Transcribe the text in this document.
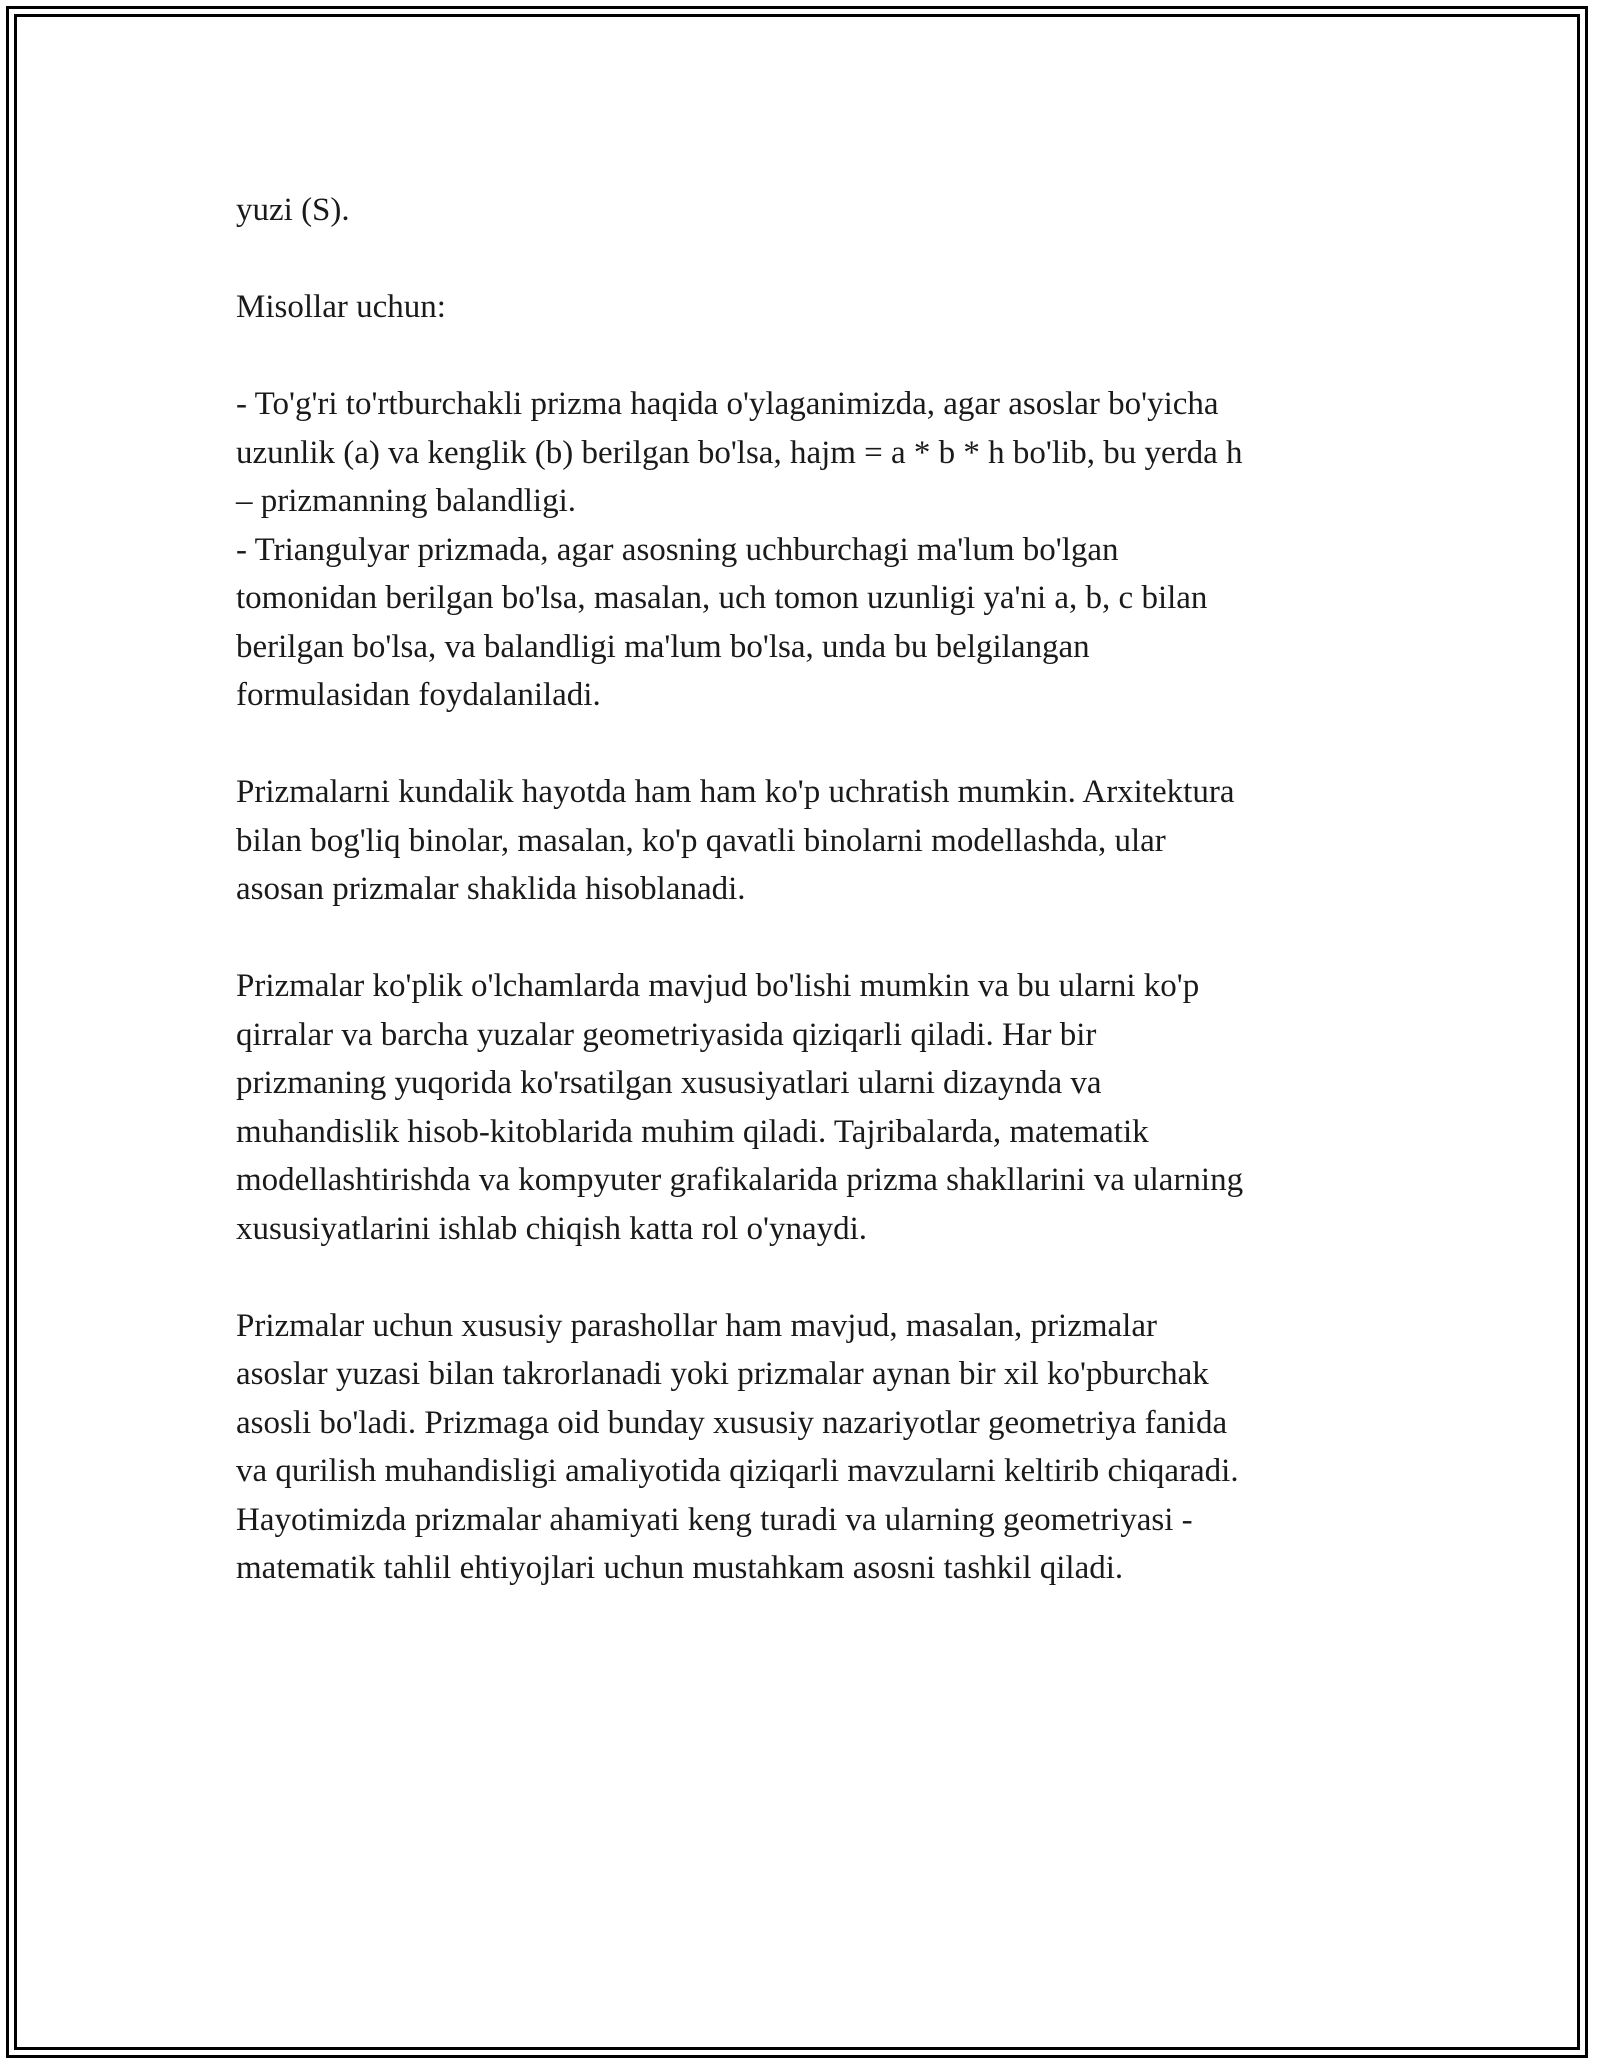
yuzi (S).

Misollar uchun:

- To'g'ri to'rtburchakli prizma haqida o'ylaganimizda, agar asoslar bo'yicha
uzunlik (a) va kenglik (b) berilgan bo'lsa, hajm = a * b * h bo'lib, bu yerda h
– prizmanning balandligi.
- Triangulyar prizmada, agar asosning uchburchagi ma'lum bo'lgan
tomonidan berilgan bo'lsa, masalan, uch tomon uzunligi ya'ni a, b, c bilan
berilgan bo'lsa, va balandligi ma'lum bo'lsa, unda bu belgilangan
formulasidan foydalaniladi.

Prizmalarni kundalik hayotda ham ham ko'p uchratish mumkin. Arxitektura
bilan bog'liq binolar, masalan, ko'p qavatli binolarni modellashda, ular
asosan prizmalar shaklida hisoblanadi.

Prizmalar ko'plik o'lchamlarda mavjud bo'lishi mumkin va bu ularni ko'p
qirralar va barcha yuzalar geometriyasida qiziqarli qiladi. Har bir
prizmaning yuqorida ko'rsatilgan xususiyatlari ularni dizaynda va
muhandislik hisob-kitoblarida muhim qiladi. Tajribalarda, matematik
modellashtirishda va kompyuter grafikalarida prizma shakllarini va ularning
xususiyatlarini ishlab chiqish katta rol o'ynaydi.

Prizmalar uchun xususiy parashollar ham mavjud, masalan, prizmalar
asoslar yuzasi bilan takrorlanadi yoki prizmalar aynan bir xil ko'pburchak
asosli bo'ladi. Prizmaga oid bunday xususiy nazariyotlar geometriya fanida
va qurilish muhandisligi amaliyotida qiziqarli mavzularni keltirib chiqaradi.
Hayotimizda prizmalar ahamiyati keng turadi va ularning geometriyasi -
matematik tahlil ehtiyojlari uchun mustahkam asosni tashkil qiladi.
